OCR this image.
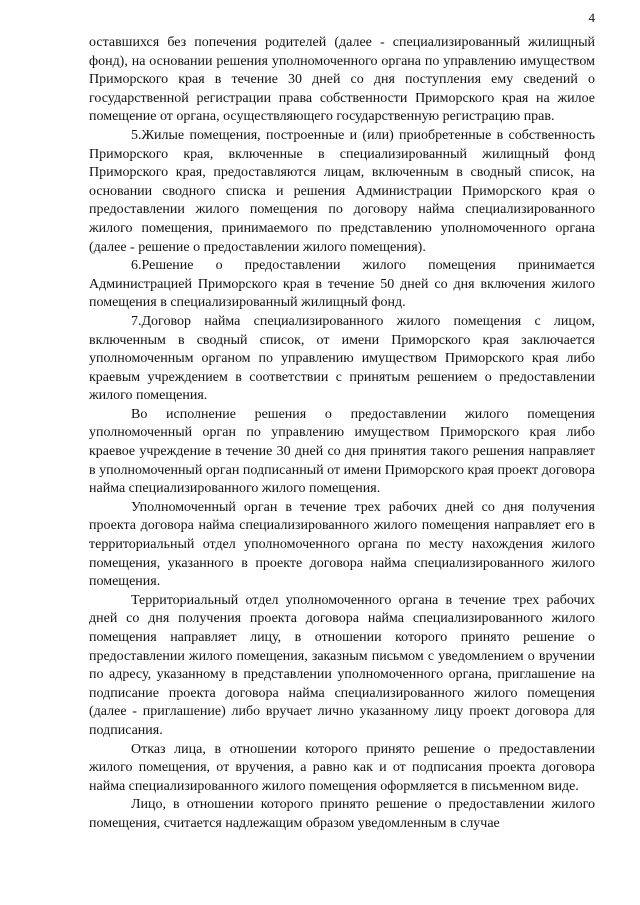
4

оставшихся без попечения родителей (далее - специализированный жилищный фонд), на основании решения уполномоченного органа по управлению имуществом Приморского края в течение 30 дней со дня поступления ему сведений о государственной регистрации права собственности Приморского края на жилое помещение от органа, осуществляющего государственную регистрацию прав.

5.Жилые помещения, построенные и (или) приобретенные в собственность Приморского края, включенные в специализированный жилищный фонд Приморского края, предоставляются лицам, включенным в сводный список, на основании сводного списка и решения Администрации Приморского края о предоставлении жилого помещения по договору найма специализированного жилого помещения, принимаемого по представлению уполномоченного органа (далее - решение о предоставлении жилого помещения).

6.Решение о предоставлении жилого помещения принимается Администрацией Приморского края в течение 50 дней со дня включения жилого помещения в специализированный жилищный фонд.

7.Договор найма специализированного жилого помещения с лицом, включенным в сводный список, от имени Приморского края заключается уполномоченным органом по управлению имуществом Приморского края либо краевым учреждением в соответствии с принятым решением о предоставлении жилого помещения.

Во исполнение решения о предоставлении жилого помещения уполномоченный орган по управлению имуществом Приморского края либо краевое учреждение в течение 30 дней со дня принятия такого решения направляет в уполномоченный орган подписанный от имени Приморского края проект договора найма специализированного жилого помещения.

Уполномоченный орган в течение трех рабочих дней со дня получения проекта договора найма специализированного жилого помещения направляет его в территориальный отдел уполномоченного органа по месту нахождения жилого помещения, указанного в проекте договора найма специализированного жилого помещения.

Территориальный отдел уполномоченного органа в течение трех рабочих дней со дня получения проекта договора найма специализированного жилого помещения направляет лицу, в отношении которого принято решение о предоставлении жилого помещения, заказным письмом с уведомлением о вручении по адресу, указанному в представлении уполномоченного органа, приглашение на подписание проекта договора найма специализированного жилого помещения (далее - приглашение) либо вручает лично указанному лицу проект договора для подписания.

Отказ лица, в отношении которого принято решение о предоставлении жилого помещения, от вручения, а равно как и от подписания проекта договора найма специализированного жилого помещения оформляется в письменном виде.

Лицо, в отношении которого принято решение о предоставлении жилого помещения, считается надлежащим образом уведомленным в случае
